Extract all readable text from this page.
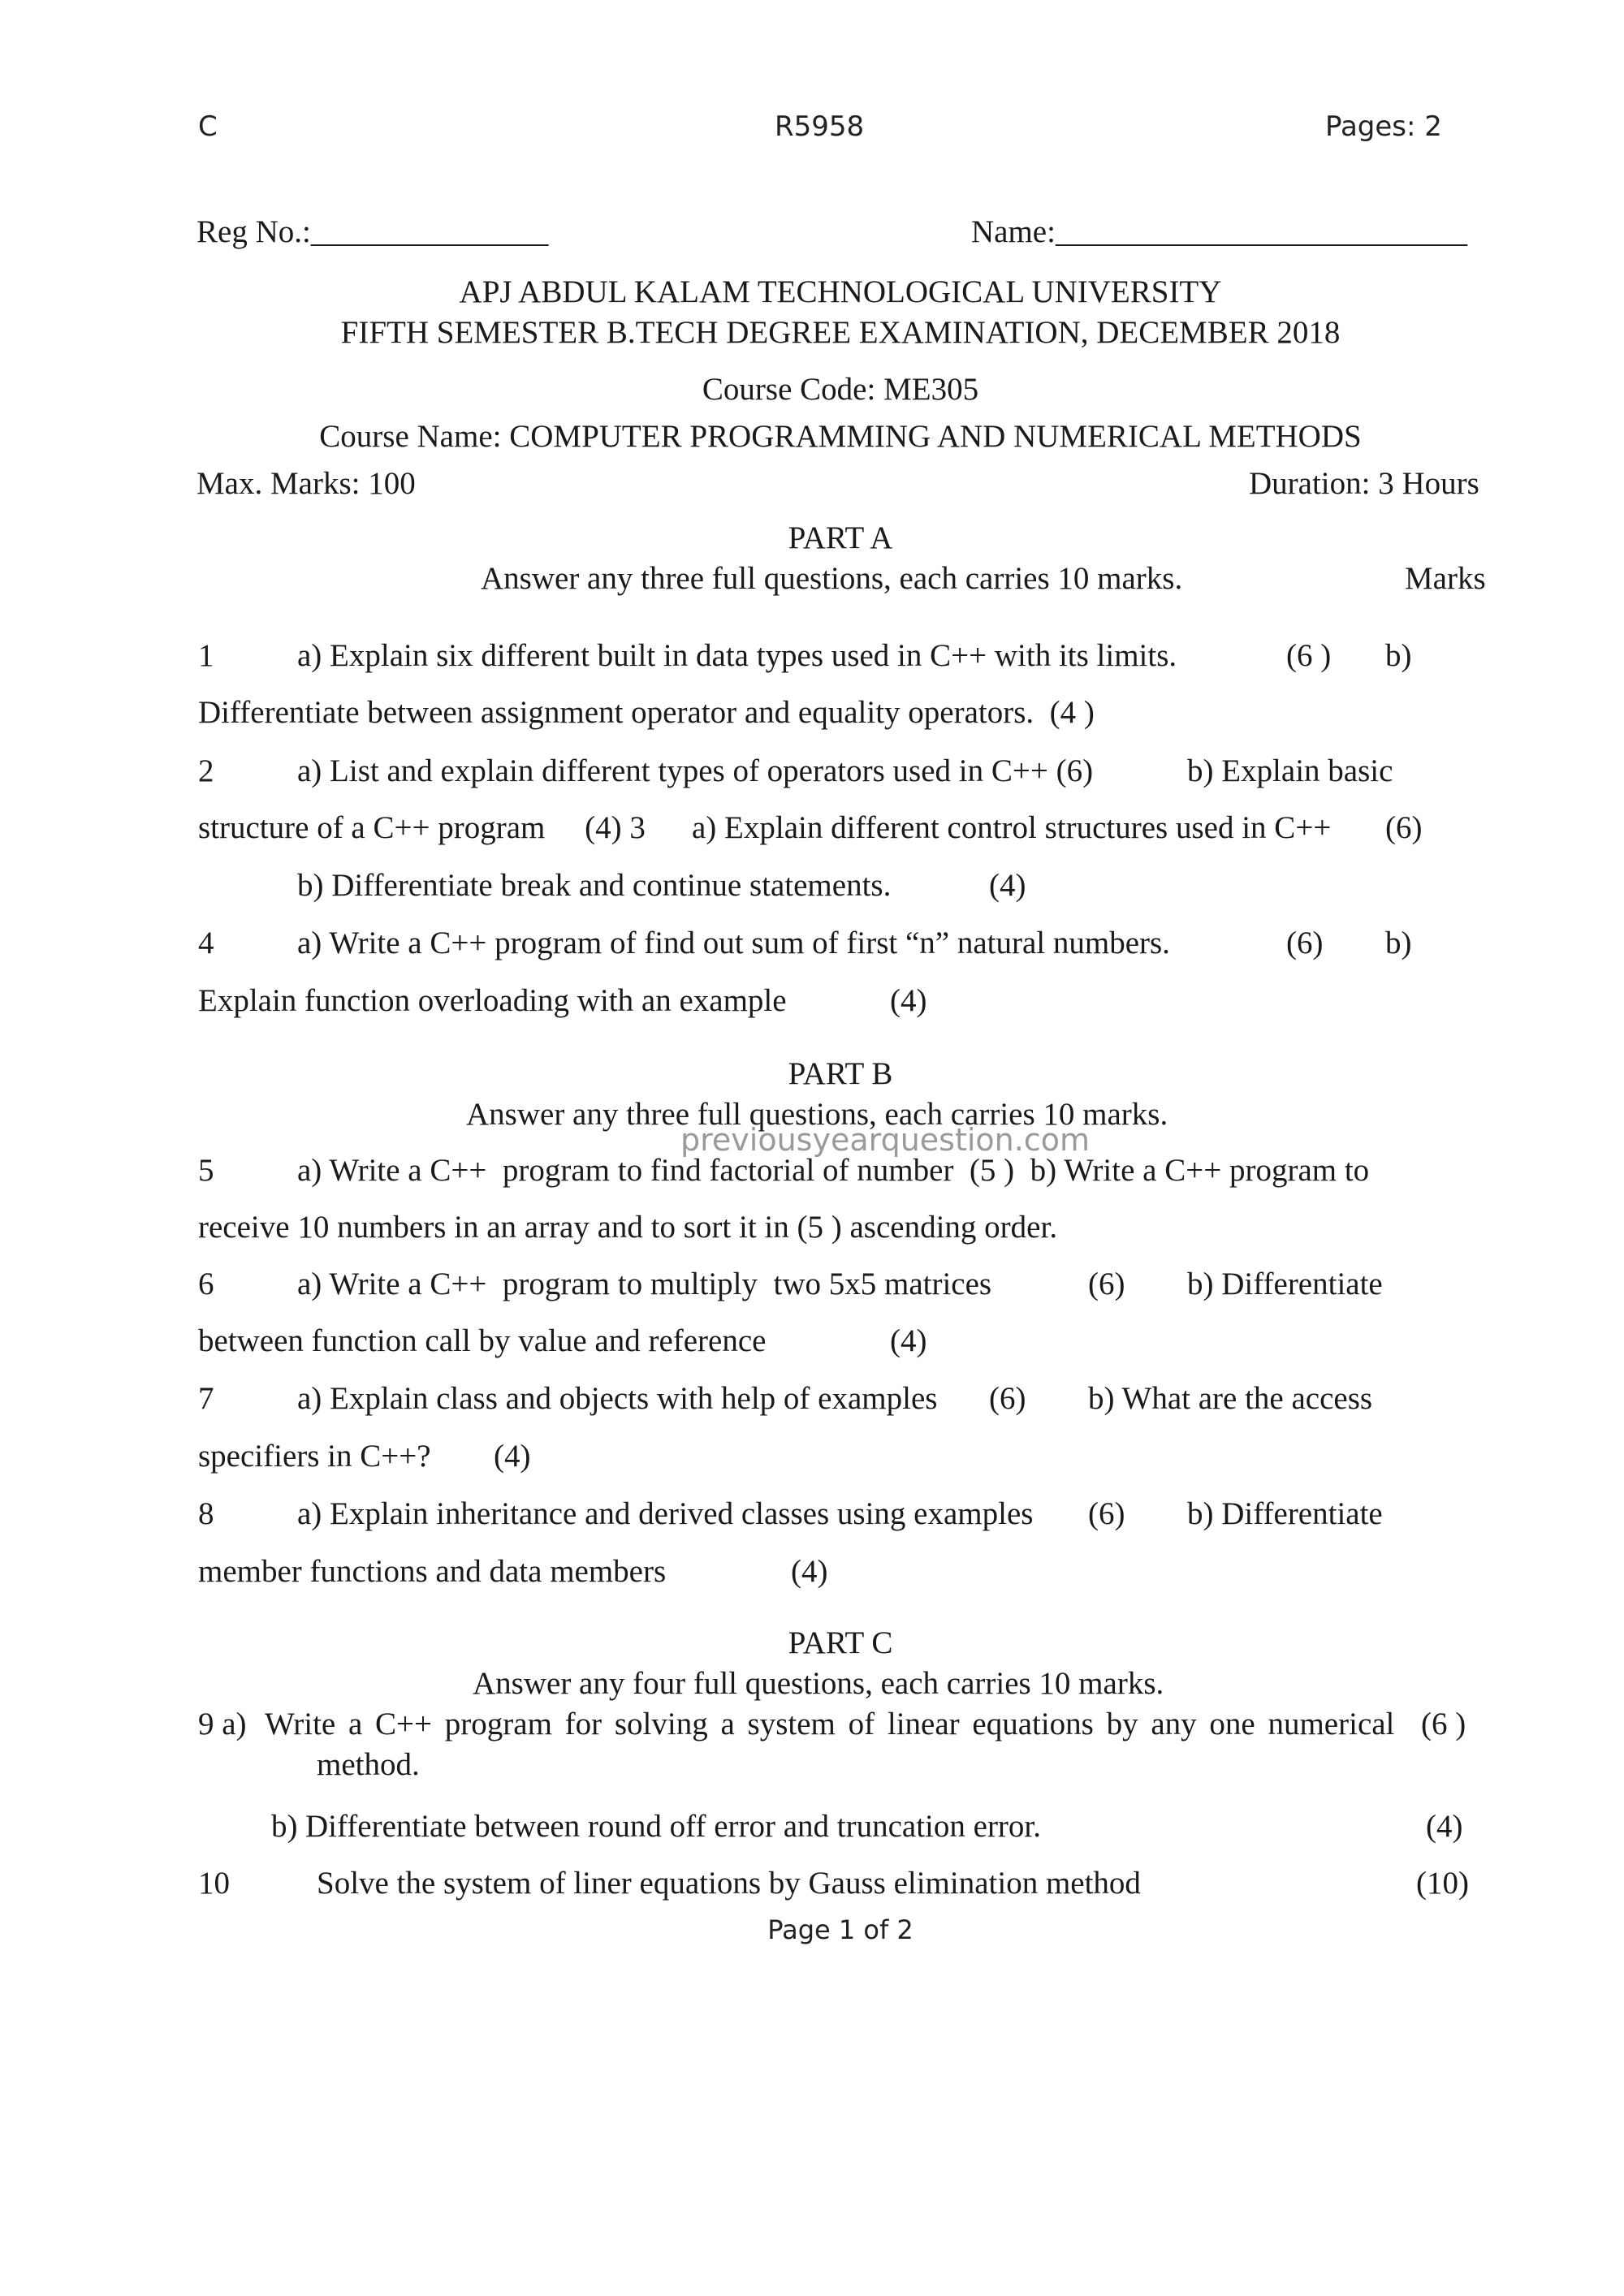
C	R5958	Pages: 2
Reg No.:_______________	Name:__________________________
APJ ABDUL KALAM TECHNOLOGICAL UNIVERSITY
FIFTH SEMESTER B.TECH DEGREE EXAMINATION, DECEMBER 2018
Course Code: ME305
Course Name: COMPUTER PROGRAMMING AND NUMERICAL METHODS
Max. Marks: 100	Duration: 3 Hours
PART A
Answer any three full questions, each carries 10 marks.	Marks
1	a) Explain six different built in data types used in C++ with its limits.	(6 ) b)
Differentiate between assignment operator and equality operators.  (4 )
2	a) List and explain different types of operators used in C++ (6)	b) Explain basic
structure of a C++ program     (4) 3 a) Explain different control structures used in C++ (6)
b) Differentiate break and continue statements.	(4)
4	a) Write a C++ program of find out sum of first “n” natural numbers.	(6) b)
Explain function overloading with an example	(4)
PART B
Answer any three full questions, each carries 10 marks.
previousyearquestion.com
5	a) Write a C++  program to find factorial of number  (5 )  b) Write a C++ program to
receive 10 numbers in an array and to sort it in (5 ) ascending order.
6	a) Write a C++  program to multiply  two 5x5 matrices	(6) b) Differentiate
between function call by value and reference	(4)
7	a) Explain class and objects with help of examples (6) b) What are the access
specifiers in C++? (4)
8	a) Explain inheritance and derived classes using examples (6) b) Differentiate
member functions and data members	(4)
PART C
Answer any four full questions, each carries 10 marks.
9 a) Write a C++ program for solving a system of linear equations by any one numerical (6 )
method.
b) Differentiate between round off error and truncation error.	(4)
10	Solve the system of liner equations by Gauss elimination method	(10)
Page 1 of 2
